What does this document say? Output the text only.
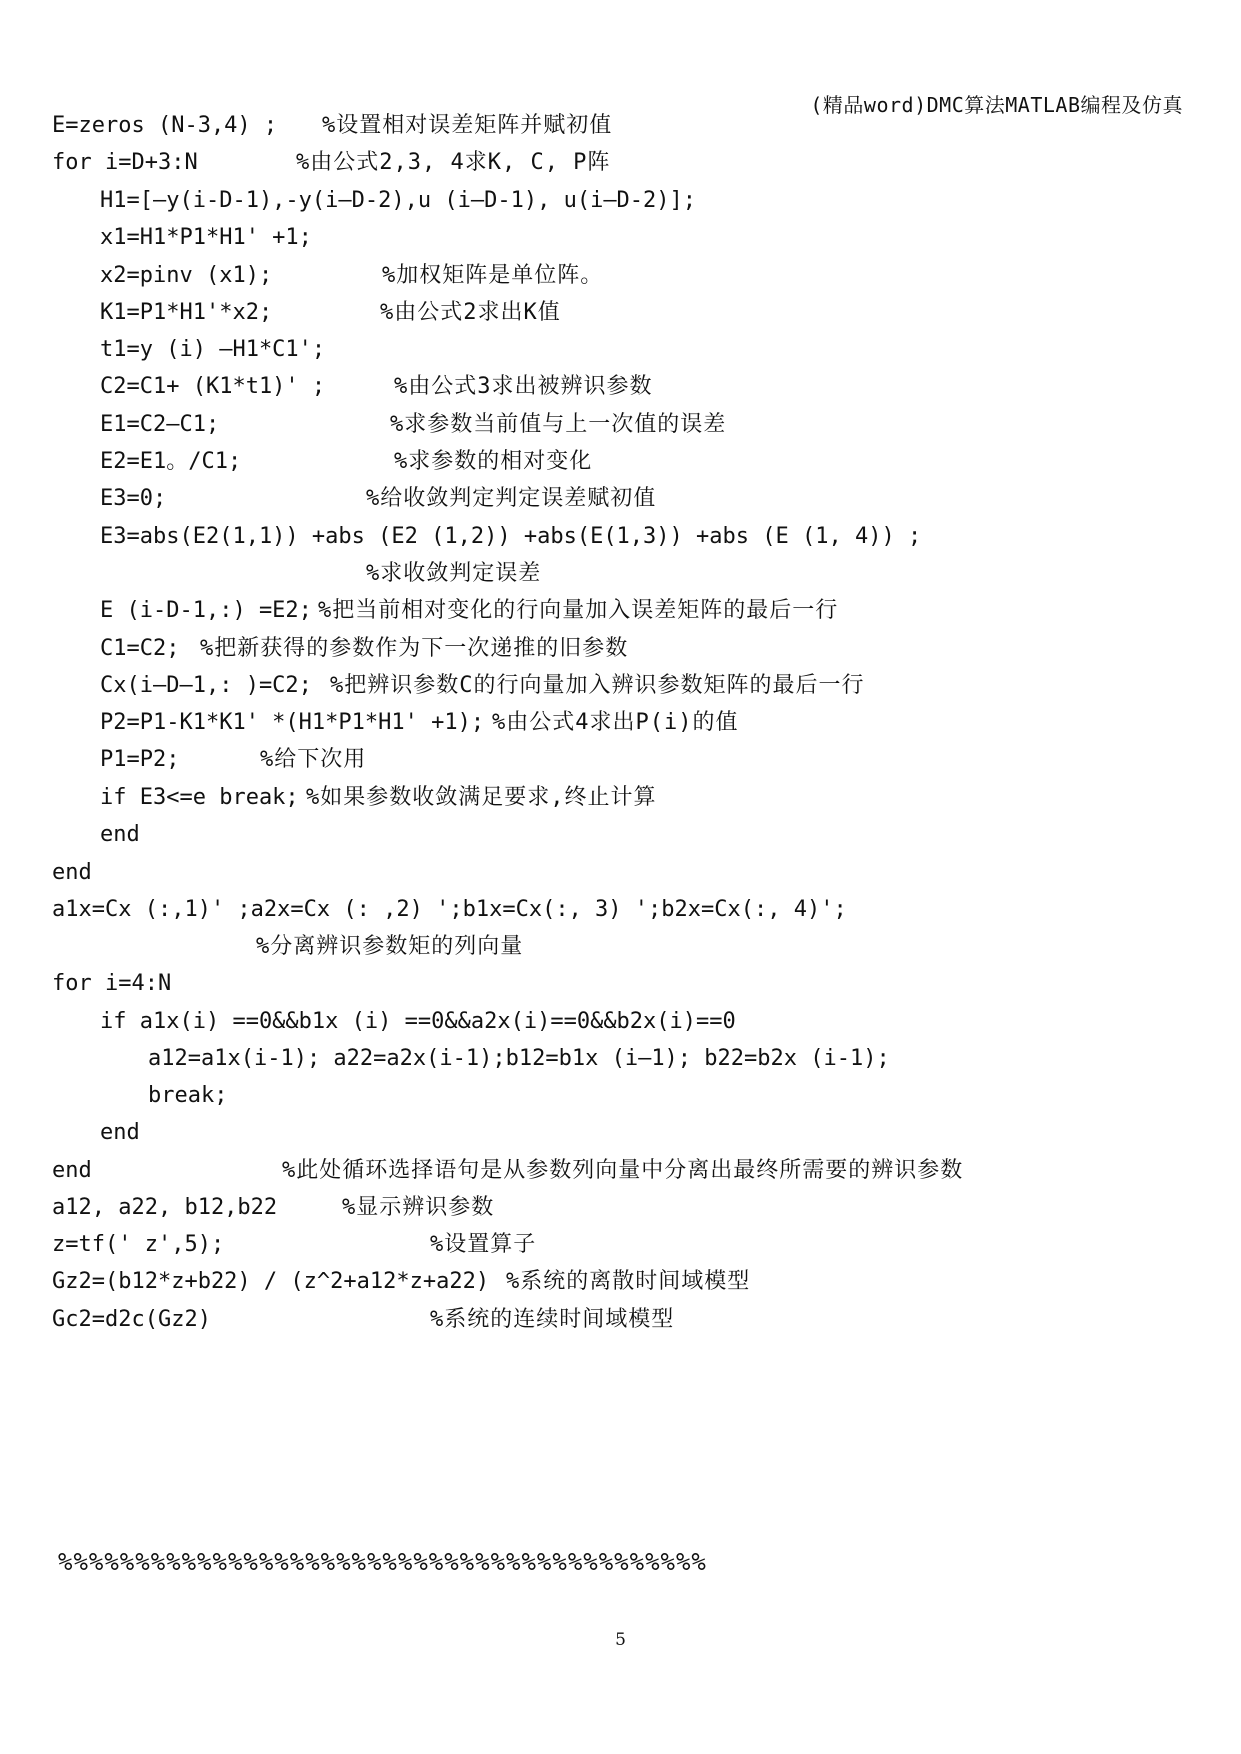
(精品word)DMC算法MATLAB编程及仿真
E=zeros (N-3,4) ; %设置相对误差矩阵并赋初值
for i=D+3:N	%由公式2,3, 4求K, C, P阵
H1=[—y(i-D-1),-y(i—D-2),u (i—D-1), u(i—D-2)];
x1=H1*P1*H1' +1;
x2=pinv (x1);	%加权矩阵是单位阵。
K1=P1*H1'*x2;	%由公式2求出K值
t1=y (i) —H1*C1';
C2=C1+ (K1*t1)' ;	%由公式3求出被辨识参数
E1=C2—C1;	%求参数当前值与上一次值的误差
E2=E1。/C1;	%求参数的相对变化
E3=0;	%给收敛判定判定误差赋初值
E3=abs(E2(1,1)) +abs (E2 (1,2)) +abs(E(1,3)) +abs (E (1, 4)) ;
%求收敛判定误差
E (i-D-1,:) =E2; %把当前相对变化的行向量加入误差矩阵的最后一行
C1=C2; %把新获得的参数作为下一次递推的旧参数
Cx(i—D—1,: )=C2; %把辨识参数C的行向量加入辨识参数矩阵的最后一行
P2=P1-K1*K1' *(H1*P1*H1' +1); %由公式4求出P(i)的值
P1=P2;	%给下次用
if E3<=e break; %如果参数收敛满足要求,终止计算
end
end
a1x=Cx (:,1)' ;a2x=Cx (: ,2) ';b1x=Cx(:, 3) ';b2x=Cx(:, 4)';
%分离辨识参数矩的列向量
for i=4:N
if a1x(i) ==0&&b1x (i) ==0&&a2x(i)==0&&b2x(i)==0
a12=a1x(i-1); a22=a2x(i-1);b12=b1x (i—1); b22=b2x (i-1);
break;
end
end	%此处循环选择语句是从参数列向量中分离出最终所需要的辨识参数
a12, a22, b12,b22	%显示辨识参数
z=tf(' z',5);	%设置算子
Gz2=(b12*z+b22) / (z^2+a12*z+a22) %系统的离散时间域模型
Gc2=d2c(Gz2)	%系统的连续时间域模型
%%%%%%%%%%%%%%%%%%%%%%%%%%%%%%%%%%%%%%%%%%
5
